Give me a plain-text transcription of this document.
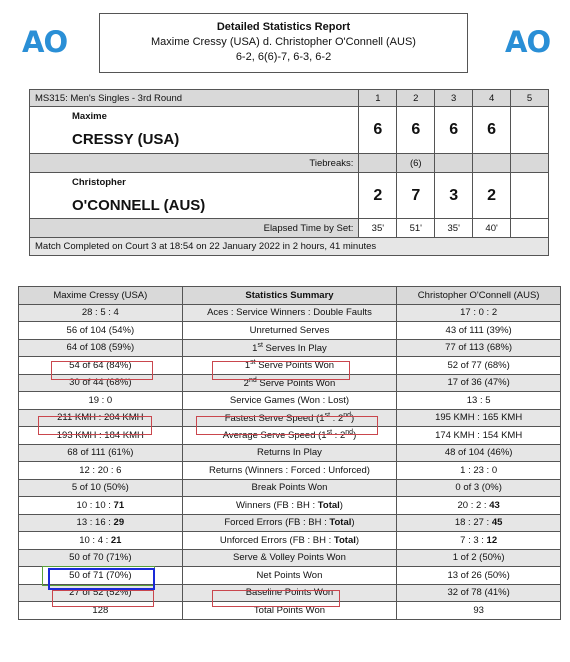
AO	AO
Detailed Statistics Report
Maxime Cressy (USA) d. Christopher O'Connell (AUS)
6-2, 6(6)-7, 6-3, 6-2
MS315: Men's Singles - 3rd Round	1	2	3	4	5

Maxime
CRESSY (USA)	6	6	6	6	
Tiebreaks:		(6)			

Christopher
O'CONNELL (AUS)	2	7	3	2	
Elapsed Time by Set:	35'	51'	35'	40'	
Match Completed on Court 3 at 18:54 on 22 January 2022 in 2 hours, 41 minutes					
Maxime Cressy (USA)	Statistics Summary	Christopher O'Connell (AUS)
28 : 5 : 4	Aces : Service Winners : Double Faults	17 : 0 : 2
56 of 104 (54%)	Unreturned Serves	43 of 111 (39%)
64 of 108 (59%)	1st Serves In Play	77 of 113 (68%)
54 of 64 (84%)	1st Serve Points Won	52 of 77 (68%)
30 of 44 (68%)	2nd Serve Points Won	17 of 36 (47%)
19 : 0	Service Games (Won : Lost)	13 : 5
211 KMH : 204 KMH	Fastest Serve Speed (1st : 2nd)	195 KMH : 165 KMH
193 KMH : 184 KMH	Average Serve Speed (1st : 2nd)	174 KMH : 154 KMH
68 of 111 (61%)	Returns In Play	48 of 104 (46%)
12 : 20 : 6	Returns (Winners : Forced : Unforced)	1 : 23 : 0
5 of 10 (50%)	Break Points Won	0 of 3 (0%)
10 : 10 : 71	Winners (FB : BH : Total)	20 : 2 : 43
13 : 16 : 29	Forced Errors (FB : BH : Total)	18 : 27 : 45
10 : 4 : 21	Unforced Errors (FB : BH : Total)	7 : 3 : 12
50 of 70 (71%)	Serve & Volley Points Won	1 of 2 (50%)
50 of 71 (70%)	Net Points Won	13 of 26 (50%)
27 of 52 (52%)	Baseline Points Won	32 of 78 (41%)
128	Total Points Won	93
